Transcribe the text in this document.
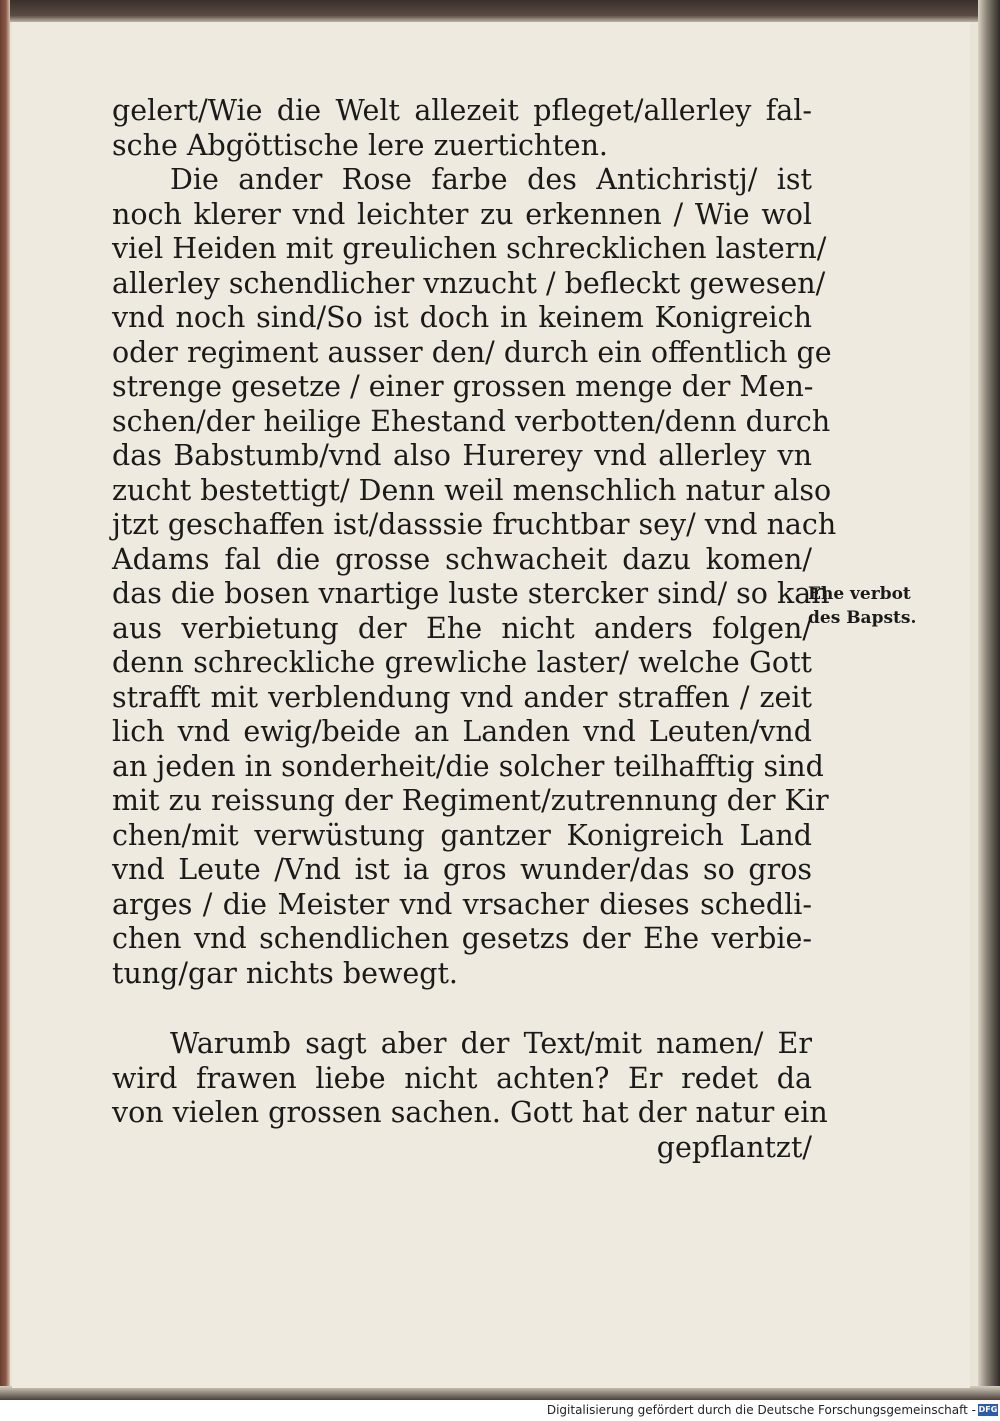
gelert/Wie die Welt allezeit pfleget/allerley fal-
sche Abgöttische lere zuertichten.
Die ander Rose farbe des Antichristj/ ist
noch klerer vnd leichter zu erkennen / Wie wol
viel Heiden mit greulichen schrecklichen lastern/
allerley schendlicher vnzucht / befleckt gewesen/
vnd noch sind/So ist doch in keinem Konigreich
oder regiment ausser den/ durch ein offentlich ge
strenge gesetze / einer grossen menge der Men-
schen/der heilige Ehestand verbotten/denn durch
das Babstumb/vnd also Hurerey vnd allerley vn
zucht bestettigt/ Denn weil menschlich natur also
jtzt geschaffen ist/dasssie fruchtbar sey/ vnd nach
Adams fal die grosse schwacheit dazu komen/
das die bosen vnartige luste stercker sind/ so kan
aus verbietung der Ehe nicht anders folgen/
denn schreckliche grewliche laster/ welche Gott
strafft mit verblendung vnd ander straffen / zeit
lich vnd ewig/beide an Landen vnd Leuten/vnd
an jeden in sonderheit/die solcher teilhafftig sind
mit zu reissung der Regiment/zutrennung der Kir
chen/mit verwüstung gantzer Konigreich Land
vnd Leute /Vnd ist ia gros wunder/das so gros
arges / die Meister vnd vrsacher dieses schedli-
chen vnd schendlichen gesetzs der Ehe verbie-
tung/gar nichts bewegt.
Warumb sagt aber der Text/mit namen/ Er
wird frawen liebe nicht achten? Er redet da
von vielen grossen sachen. Gott hat der natur ein
gepflantzt/
Ehe verbot
des Bapsts.
Digitalisierung gefördert durch die Deutsche Forschungsgemeinschaft - DFG
